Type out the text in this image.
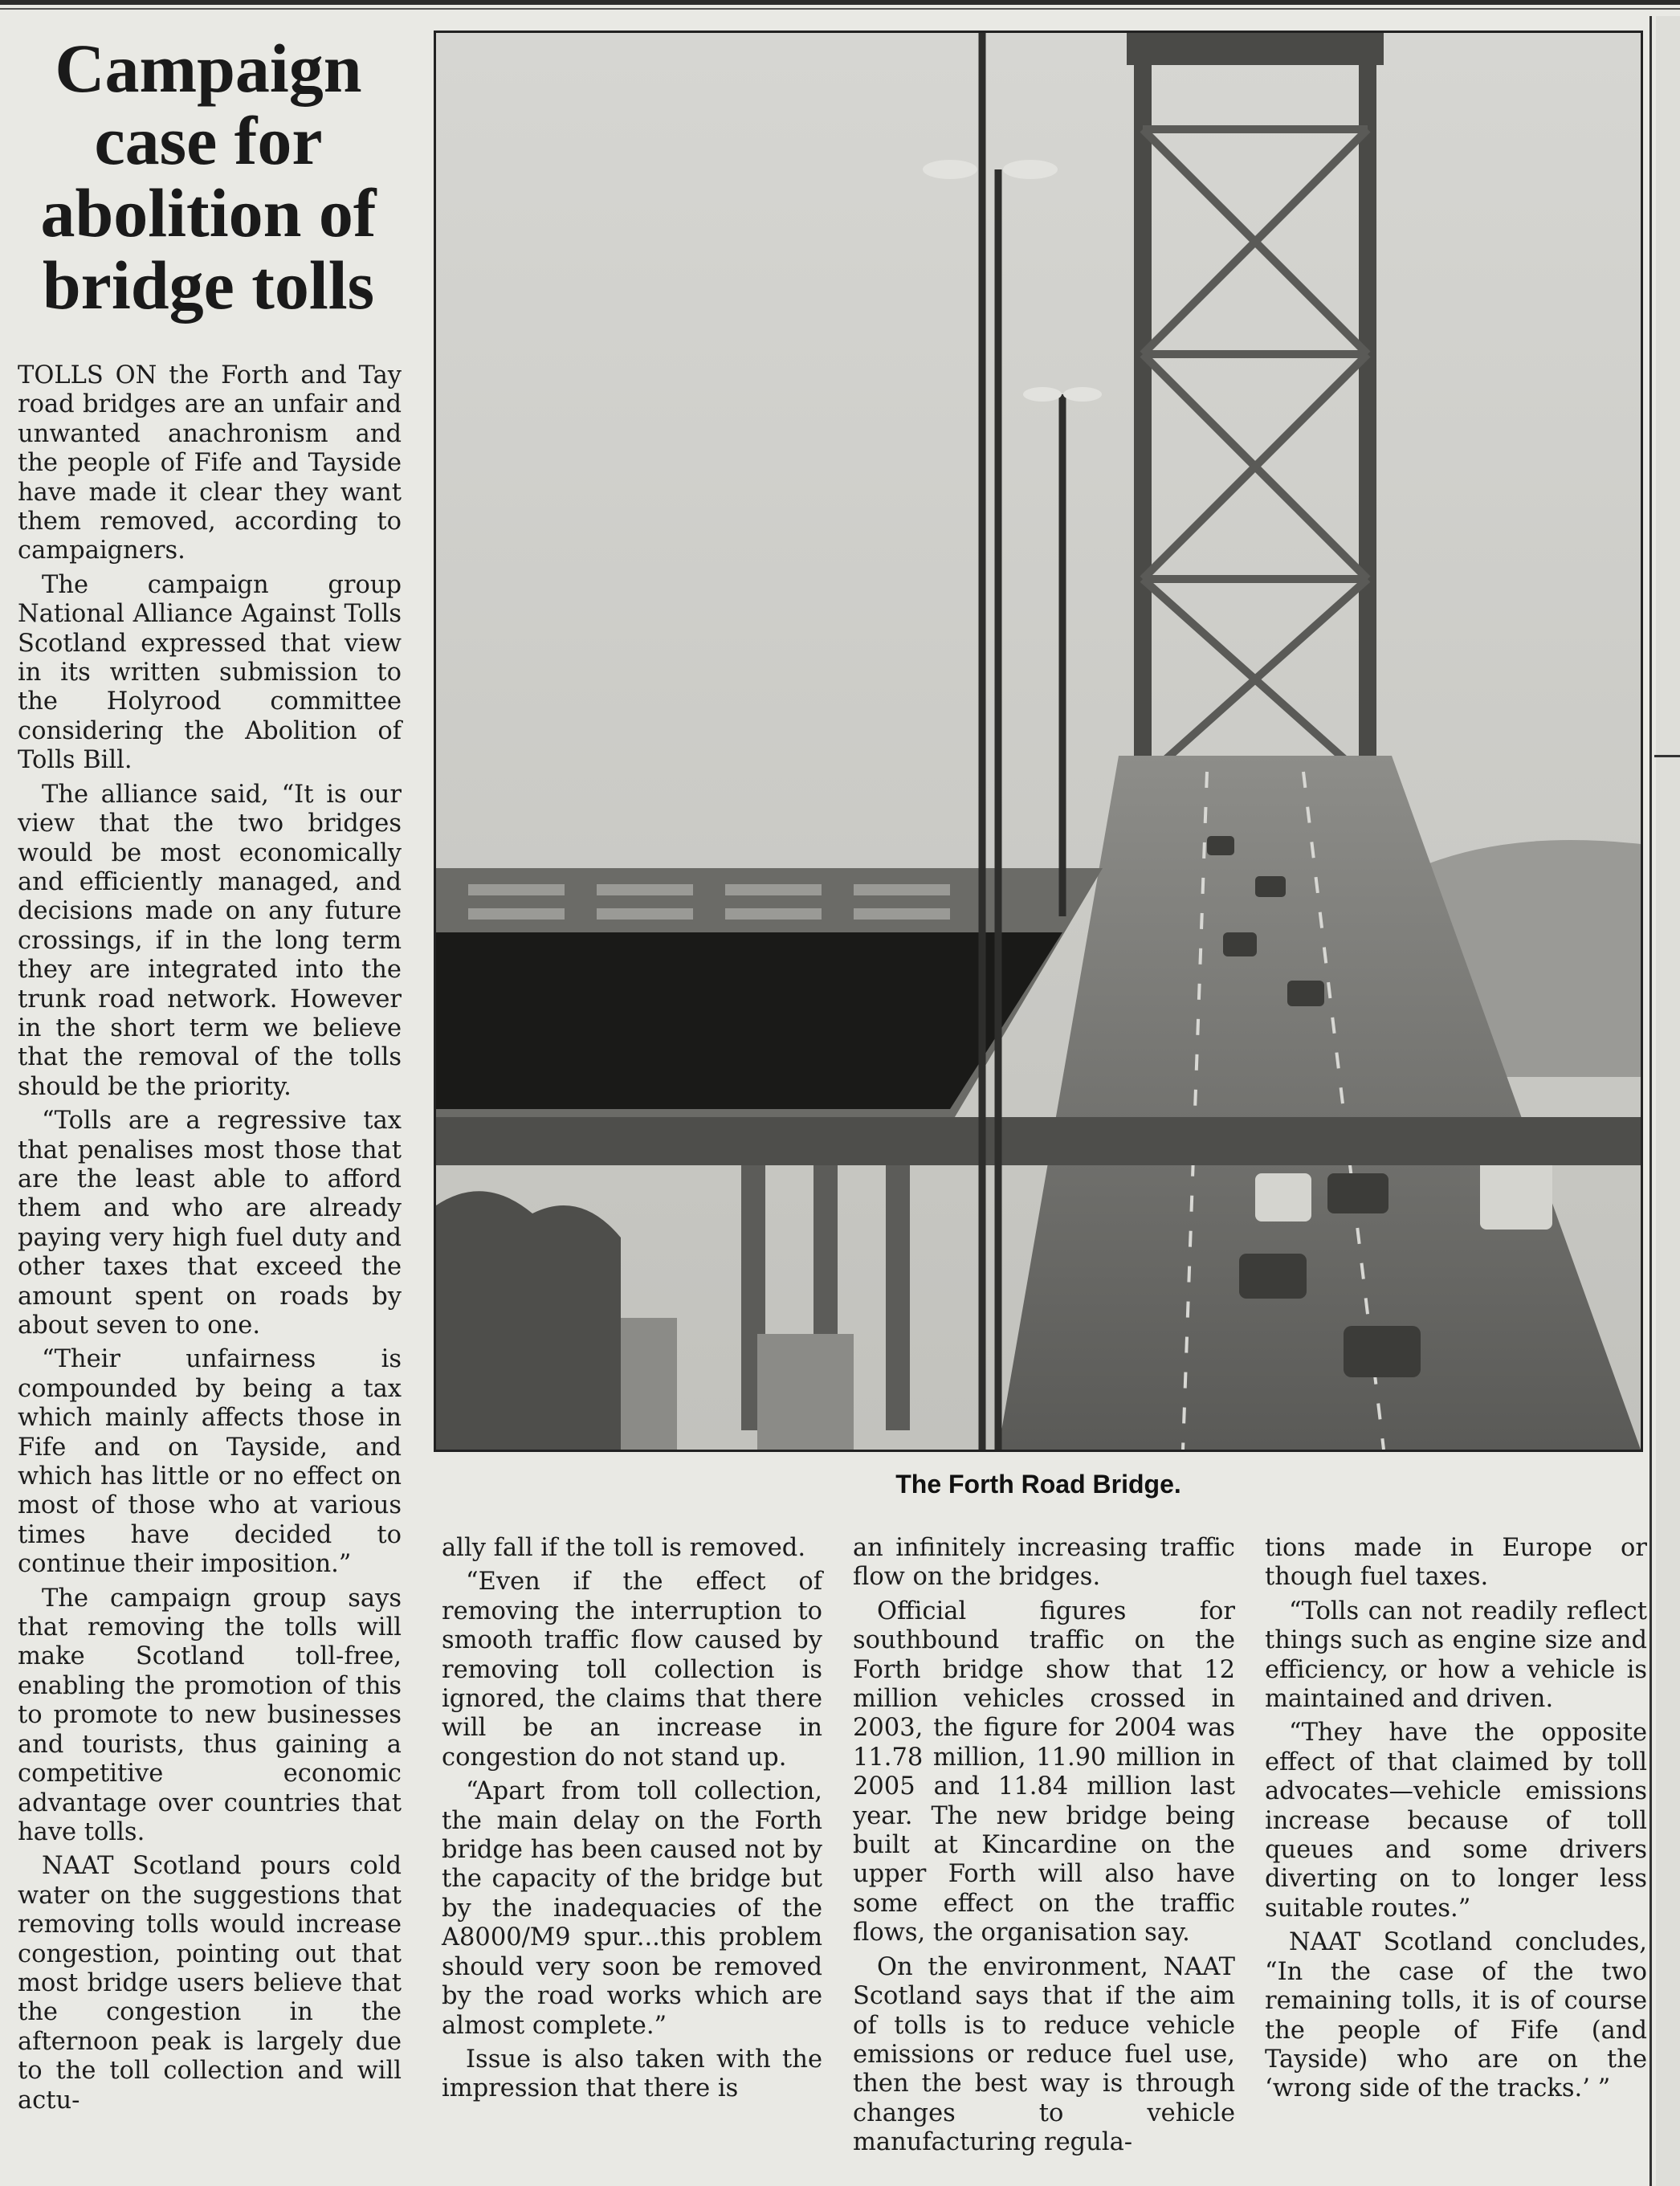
Campaign case for abolition of bridge tolls

TOLLS ON the Forth and Tay road bridges are an unfair and unwanted anachronism and the people of Fife and Tayside have made it clear they want them removed, according to campaigners.

The campaign group National Alliance Against Tolls Scotland expressed that view in its written submission to the Holyrood committee considering the Abolition of Tolls Bill.

The alliance said, “It is our view that the two bridges would be most economically and efficiently managed, and decisions made on any future crossings, if in the long term they are integrated into the trunk road network. However in the short term we believe that the removal of the tolls should be the priority.

“Tolls are a regressive tax that penalises most those that are the least able to afford them and who are already paying very high fuel duty and other taxes that exceed the amount spent on roads by about seven to one.

“Their unfairness is compounded by being a tax which mainly affects those in Fife and on Tayside, and which has little or no effect on most of those who at various times have decided to continue their imposition.”

The campaign group says that removing the tolls will make Scotland toll-free, enabling the promotion of this to promote to new businesses and tourists, thus gaining a competitive economic advantage over countries that have tolls.

NAAT Scotland pours cold water on the suggestions that removing tolls would increase congestion, pointing out that most bridge users believe that the congestion in the afternoon peak is largely due to the toll collection and will actu-

The Forth Road Bridge.

ally fall if the toll is removed.

“Even if the effect of removing the interruption to smooth traffic flow caused by removing toll collection is ignored, the claims that there will be an increase in congestion do not stand up.

“Apart from toll collection, the main delay on the Forth bridge has been caused not by the capacity of the bridge but by the inadequacies of the A8000/M9 spur...this problem should very soon be removed by the road works which are almost complete.”

Issue is also taken with the impression that there is

an infinitely increasing traffic flow on the bridges.

Official figures for southbound traffic on the Forth bridge show that 12 million vehicles crossed in 2003, the figure for 2004 was 11.78 million, 11.90 million in 2005 and 11.84 million last year. The new bridge being built at Kincardine on the upper Forth will also have some effect on the traffic flows, the organisation say.

On the environment, NAAT Scotland says that if the aim of tolls is to reduce vehicle emissions or reduce fuel use, then the best way is through changes to vehicle manufacturing regula-

tions made in Europe or though fuel taxes.

“Tolls can not readily reflect things such as engine size and efficiency, or how a vehicle is maintained and driven.

“They have the opposite effect of that claimed by toll advocates—vehicle emissions increase because of toll queues and some drivers diverting on to longer less suitable routes.”

NAAT Scotland concludes, “In the case of the two remaining tolls, it is of course the people of Fife (and Tayside) who are on the ‘wrong side of the tracks.’ ”
